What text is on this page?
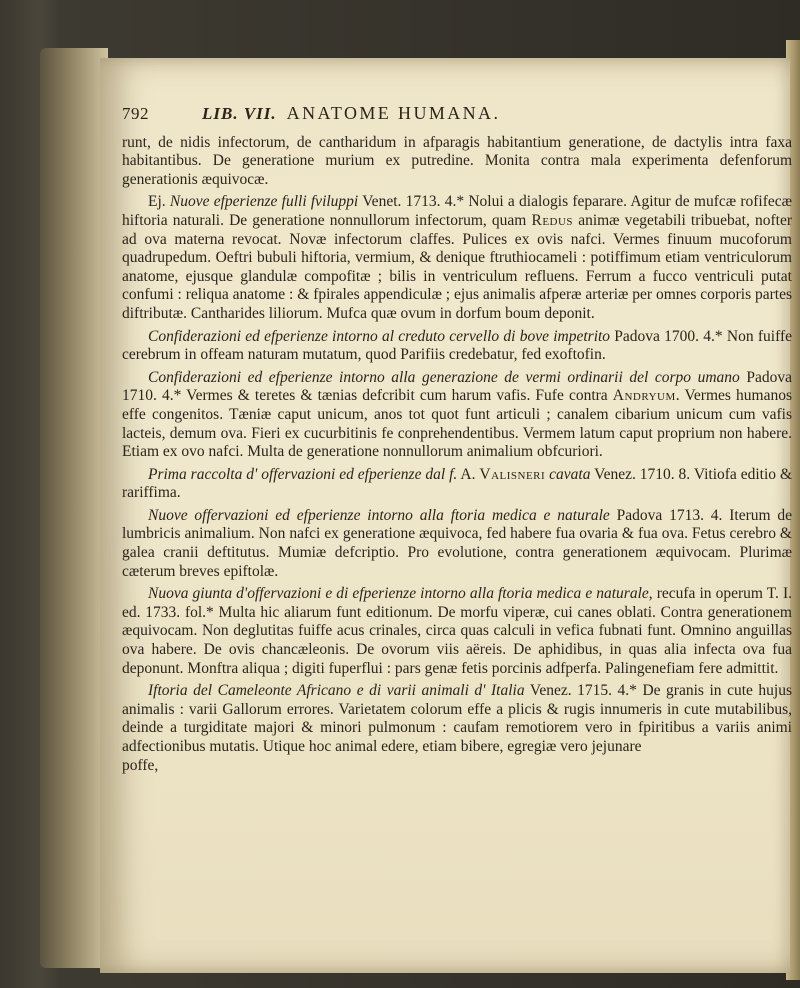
792	LIB. VII. ANATOME HUMANA.

runt, de nidis infectorum, de cantharidum in afparagis habitantium generatione, de dactylis intra faxa habitantibus. De generatione murium ex putredine. Monita contra mala experimenta defenforum generationis æquivocæ.

Ej. Nuove efperienze fulli fviluppi Venet. 1713. 4.* Nolui a dialogis feparare. Agitur de mufcæ rofifecæ hiftoria naturali. De generatione nonnullorum infectorum, quam Redus animæ vegetabili tribuebat, nofter ad ova materna revocat. Novæ infectorum claffes. Pulices ex ovis nafci. Vermes finuum mucoforum quadrupedum. Oeftri bubuli hiftoria, vermium, & denique ftruthiocameli : potiffimum etiam ventriculorum anatome, ejusque glandulæ compofitæ ; bilis in ventriculum refluens. Ferrum a fucco ventriculi putat confumi : reliqua anatome : & fpirales appendiculæ ; ejus animalis afperæ arteriæ per omnes corporis partes diftributæ. Cantharides liliorum. Mufca quæ ovum in dorfum boum deponit.

Confiderazioni ed efperienze intorno al creduto cervello di bove impetrito Padova 1700. 4.* Non fuiffe cerebrum in offeam naturam mutatum, quod Parifiis credebatur, fed exoftofin.

Confiderazioni ed efperienze intorno alla generazione de vermi ordinarii del corpo umano Padova 1710. 4.* Vermes & teretes & tænias defcribit cum harum vafis. Fufe contra Andryum. Vermes humanos effe congenitos. Tæniæ caput unicum, anos tot quot funt articuli ; canalem cibarium unicum cum vafis lacteis, demum ova. Fieri ex cucurbitinis fe conprehendentibus. Vermem latum caput proprium non habere. Etiam ex ovo nafci. Multa de generatione nonnullorum animalium obfcuriori.

Prima raccolta d' offervazioni ed efperienze dal f. A. Valisneri cavata Venez. 1710. 8. Vitiofa editio & rariffima.

Nuove offervazioni ed efperienze intorno alla ftoria medica e naturale Padova 1713. 4. Iterum de lumbricis animalium. Non nafci ex generatione æquivoca, fed habere fua ovaria & fua ova. Fetus cerebro & galea cranii deftitutus. Mumiæ defcriptio. Pro evolutione, contra generationem æquivocam. Plurimæ cæterum breves epiftolæ.

Nuova giunta d'offervazioni e di efperienze intorno alla ftoria medica e naturale, recufa in operum T. I. ed. 1733. fol.* Multa hic aliarum funt editionum. De morfu viperæ, cui canes oblati. Contra generationem æquivocam. Non deglutitas fuiffe acus crinales, circa quas calculi in vefica fubnati funt. Omnino anguillas ova habere. De ovis chancæleonis. De ovorum viis aëreis. De aphidibus, in quas alia infecta ova fua deponunt. Monftra aliqua ; digiti fuperflui : pars genæ fetis porcinis adfperfa. Palingenefiam fere admittit.

Iftoria del Cameleonte Africano e di varii animali d' Italia Venez. 1715. 4.* De granis in cute hujus animalis : varii Gallorum errores. Varietatem colorum effe a plicis & rugis innumeris in cute mutabilibus, deinde a turgiditate majori & minori pulmonum : caufam remotiorem vero in fpiritibus a variis animi adfectionibus mutatis. Utique hoc animal edere, etiam bibere, egregiæ vero jejunare

poffe,
